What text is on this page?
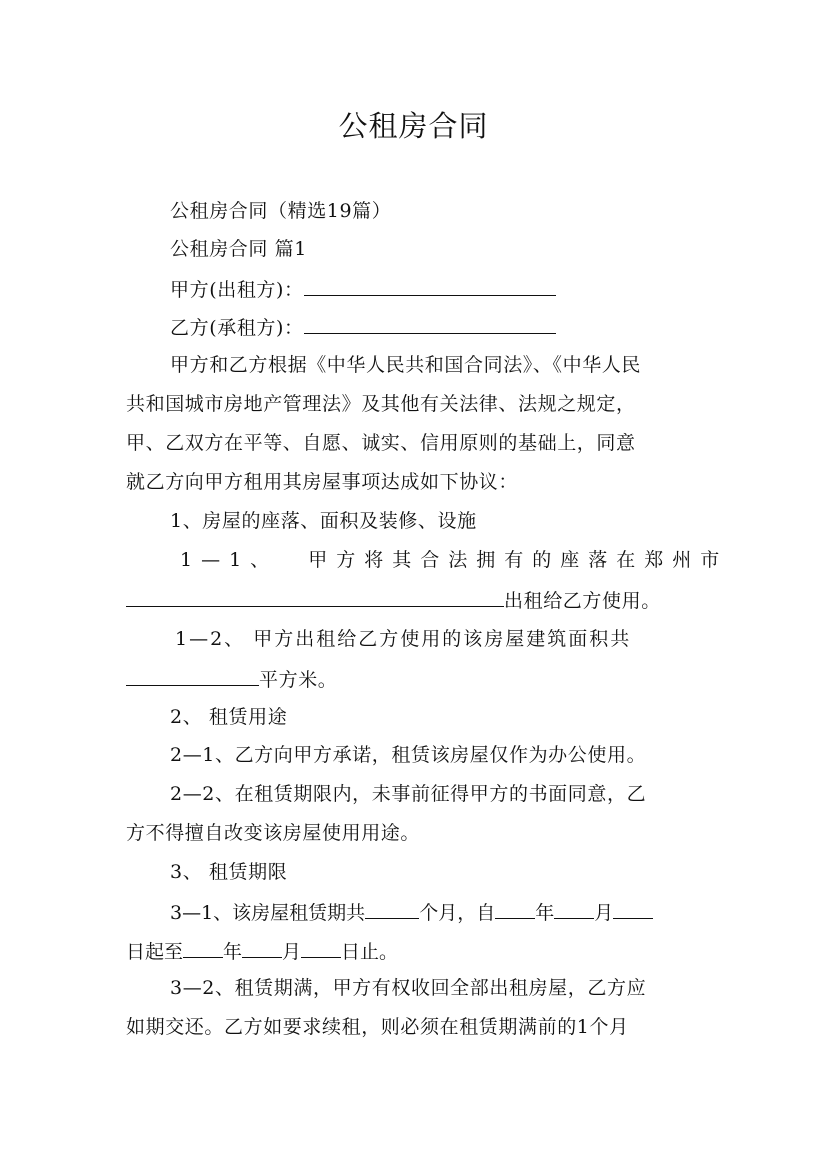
公租房合同
公租房合同（精选19篇）
公租房合同 篇1
甲方(出租方)：
乙方(承租方)：
甲方和乙方根据《中华人民共和国合同法》、《中华人民
共和国城市房地产管理法》及其他有关法律、法规之规定，
甲、乙双方在平等、自愿、诚实、信用原则的基础上，同意
就乙方向甲方租用其房屋事项达成如下协议：
1、房屋的座落、面积及装修、设施
1—1、 甲方将其合法拥有的座落在郑州市
出租给乙方使用。
1—2、 甲方出租给乙方使用的该房屋建筑面积共
平方米。
2、 租赁用途
2—1、乙方向甲方承诺，租赁该房屋仅作为办公使用。
2—2、在租赁期限内，未事前征得甲方的书面同意，乙
方不得擅自改变该房屋使用用途。
3、 租赁期限
3—1、该房屋租赁期共	个月，自 年 月
日起至 年 月 日止。
3—2、租赁期满，甲方有权收回全部出租房屋，乙方应
如期交还。乙方如要求续租，则必须在租赁期满前的1个月
